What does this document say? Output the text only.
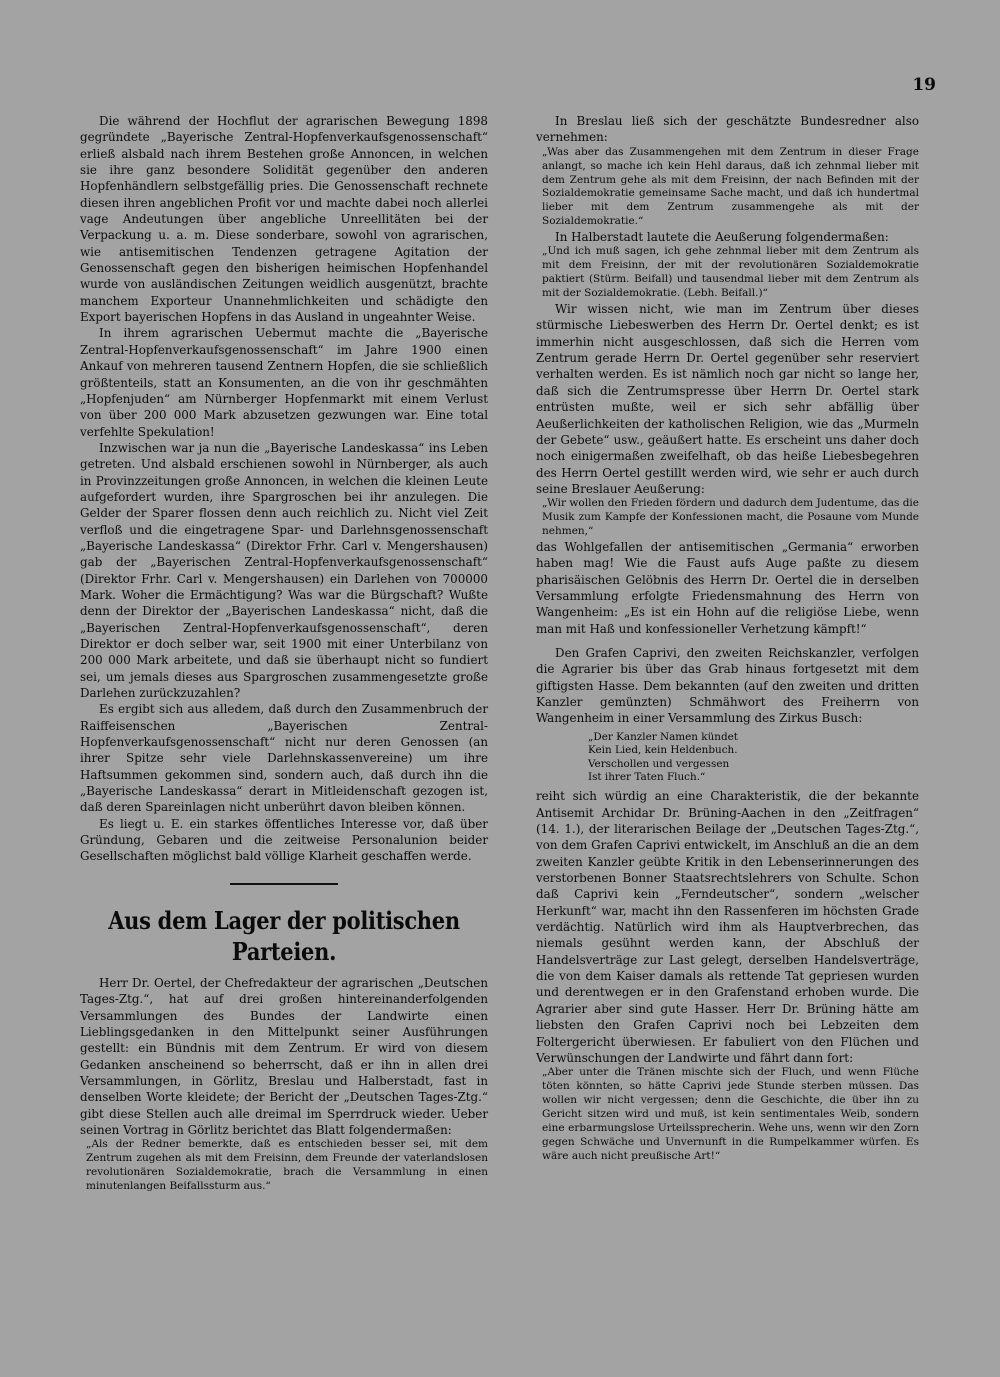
19

Die während der Hochflut der agrarischen Bewegung 1898 gegründete „Bayerische Zentral-Hopfenverkaufsgenossenschaft“ erließ alsbald nach ihrem Bestehen große Annoncen, in welchen sie ihre ganz besondere Solidität gegenüber den anderen Hopfenhändlern selbstgefällig pries. Die Genossenschaft rechnete diesen ihren angeblichen Profit vor und machte dabei noch allerlei vage Andeutungen über angebliche Unreellitäten bei der Verpackung u. a. m. Diese sonderbare, sowohl von agrarischen, wie antisemitischen Tendenzen getragene Agitation der Genossenschaft gegen den bisherigen heimischen Hopfenhandel wurde von ausländischen Zeitungen weidlich ausgenützt, brachte manchem Exporteur Unannehmlichkeiten und schädigte den Export bayerischen Hopfens in das Ausland in ungeahnter Weise.

In ihrem agrarischen Uebermut machte die „Bayerische Zentral-Hopfenverkaufsgenossenschaft“ im Jahre 1900 einen Ankauf von mehreren tausend Zentnern Hopfen, die sie schließlich größtenteils, statt an Konsumenten, an die von ihr geschmähten „Hopfenjuden“ am Nürnberger Hopfenmarkt mit einem Verlust von über 200 000 Mark abzusetzen gezwungen war. Eine total verfehlte Spekulation!

Inzwischen war ja nun die „Bayerische Landeskassa“ ins Leben getreten. Und alsbald erschienen sowohl in Nürnberger, als auch in Provinzzeitungen große Annoncen, in welchen die kleinen Leute aufgefordert wurden, ihre Spargroschen bei ihr anzulegen. Die Gelder der Sparer flossen denn auch reichlich zu. Nicht viel Zeit verfloß und die eingetragene Spar- und Darlehnsgenossenschaft „Bayerische Landeskassa“ (Direktor Frhr. Carl v. Mengershausen) gab der „Bayerischen Zentral-Hopfenverkaufsgenossenschaft“ (Direktor Frhr. Carl v. Mengershausen) ein Darlehen von 700000 Mark. Woher die Ermächtigung? Was war die Bürgschaft? Wußte denn der Direktor der „Bayerischen Landeskassa“ nicht, daß die „Bayerischen Zentral-Hopfenverkaufsgenossenschaft“, deren Direktor er doch selber war, seit 1900 mit einer Unterbilanz von 200 000 Mark arbeitete, und daß sie überhaupt nicht so fundiert sei, um jemals dieses aus Spargroschen zusammengesetzte große Darlehen zurückzuzahlen?

Es ergibt sich aus alledem, daß durch den Zusammenbruch der Raiffeisenschen „Bayerischen Zentral-Hopfenverkaufsgenossenschaft“ nicht nur deren Genossen (an ihrer Spitze sehr viele Darlehnskassenvereine) um ihre Haftsummen gekommen sind, sondern auch, daß durch ihn die „Bayerische Landeskassa“ derart in Mitleidenschaft gezogen ist, daß deren Spareinlagen nicht unberührt davon bleiben können.

Es liegt u. E. ein starkes öffentliches Interesse vor, daß über Gründung, Gebaren und die zeitweise Personalunion beider Gesellschaften möglichst bald völlige Klarheit geschaffen werde.

Aus dem Lager der politischen Parteien.

Herr Dr. Oertel, der Chefredakteur der agrarischen „Deutschen Tages-Ztg.“, hat auf drei großen hintereinanderfolgenden Versammlungen des Bundes der Landwirte einen Lieblingsgedanken in den Mittelpunkt seiner Ausführungen gestellt: ein Bündnis mit dem Zentrum. Er wird von diesem Gedanken anscheinend so beherrscht, daß er ihn in allen drei Versammlungen, in Görlitz, Breslau und Halberstadt, fast in denselben Worte kleidete; der Bericht der „Deutschen Tages-Ztg.“ gibt diese Stellen auch alle dreimal im Sperrdruck wieder. Ueber seinen Vortrag in Görlitz berichtet das Blatt folgendermaßen:

„Als der Redner bemerkte, daß es entschieden besser sei, mit dem Zentrum zugehen als mit dem Freisinn, dem Freunde der vaterlandslosen revolutionären Sozialdemokratie, brach die Versammlung in einen minutenlangen Beifallssturm aus.“

In Breslau ließ sich der geschätzte Bundesredner also vernehmen:

„Was aber das Zusammengehen mit dem Zentrum in dieser Frage anlangt, so mache ich kein Hehl daraus, daß ich zehnmal lieber mit dem Zentrum gehe als mit dem Freisinn, der nach Befinden mit der Sozialdemokratie gemeinsame Sache macht, und daß ich hundertmal lieber mit dem Zentrum zusammengehe als mit der Sozialdemokratie.“

In Halberstadt lautete die Aeußerung folgendermaßen:

„Und ich muß sagen, ich gehe zehnmal lieber mit dem Zentrum als mit dem Freisinn, der mit der revolutionären Sozialdemokratie paktiert (Stürm. Beifall) und tausendmal lieber mit dem Zentrum als mit der Sozialdemokratie. (Lebh. Beifall.)“

Wir wissen nicht, wie man im Zentrum über dieses stürmische Liebeswerben des Herrn Dr. Oertel denkt; es ist immerhin nicht ausgeschlossen, daß sich die Herren vom Zentrum gerade Herrn Dr. Oertel gegenüber sehr reserviert verhalten werden. Es ist nämlich noch gar nicht so lange her, daß sich die Zentrumspresse über Herrn Dr. Oertel stark entrüsten mußte, weil er sich sehr abfällig über Aeußerlichkeiten der katholischen Religion, wie das „Murmeln der Gebete“ usw., geäußert hatte. Es erscheint uns daher doch noch einigermaßen zweifelhaft, ob das heiße Liebesbegehren des Herrn Oertel gestillt werden wird, wie sehr er auch durch seine Breslauer Aeußerung:

„Wir wollen den Frieden fördern und dadurch dem Judentume, das die Musik zum Kampfe der Konfessionen macht, die Posaune vom Munde nehmen,“

das Wohlgefallen der antisemitischen „Germania“ erworben haben mag! Wie die Faust aufs Auge paßte zu diesem pharisäischen Gelöbnis des Herrn Dr. Oertel die in derselben Versammlung erfolgte Friedensmahnung des Herrn von Wangenheim: „Es ist ein Hohn auf die religiöse Liebe, wenn man mit Haß und konfessioneller Verhetzung kämpft!“

Den Grafen Caprivi, den zweiten Reichskanzler, verfolgen die Agrarier bis über das Grab hinaus fortgesetzt mit dem giftigsten Hasse. Dem bekannten (auf den zweiten und dritten Kanzler gemünzten) Schmähwort des Freiherrn von Wangenheim in einer Versammlung des Zirkus Busch:

„Der Kanzler Namen kündet
Kein Lied, kein Heldenbuch.
Verschollen und vergessen
Ist ihrer Taten Fluch.“

reiht sich würdig an eine Charakteristik, die der bekannte Antisemit Archidar Dr. Brüning-Aachen in den „Zeitfragen“ (14. 1.), der literarischen Beilage der „Deutschen Tages-Ztg.“, von dem Grafen Caprivi entwickelt, im Anschluß an die an dem zweiten Kanzler geübte Kritik in den Lebenserinnerungen des verstorbenen Bonner Staatsrechtslehrers von Schulte. Schon daß Caprivi kein „Ferndeutscher“, sondern „welscher Herkunft“ war, macht ihn den Rassenferen im höchsten Grade verdächtig. Natürlich wird ihm als Hauptverbrechen, das niemals gesühnt werden kann, der Abschluß der Handelsverträge zur Last gelegt, derselben Handelsverträge, die von dem Kaiser damals als rettende Tat gepriesen wurden und derentwegen er in den Grafenstand erhoben wurde. Die Agrarier aber sind gute Hasser. Herr Dr. Brüning hätte am liebsten den Grafen Caprivi noch bei Lebzeiten dem Foltergericht überwiesen. Er fabuliert von den Flüchen und Verwünschungen der Landwirte und fährt dann fort:

„Aber unter die Tränen mischte sich der Fluch, und wenn Flüche töten könnten, so hätte Caprivi jede Stunde sterben müssen. Das wollen wir nicht vergessen; denn die Geschichte, die über ihn zu Gericht sitzen wird und muß, ist kein sentimentales Weib, sondern eine erbarmungslose Urteilssprecherin. Wehe uns, wenn wir den Zorn gegen Schwäche und Unvernunft in die Rumpelkammer würfen. Es wäre auch nicht preußische Art!“
